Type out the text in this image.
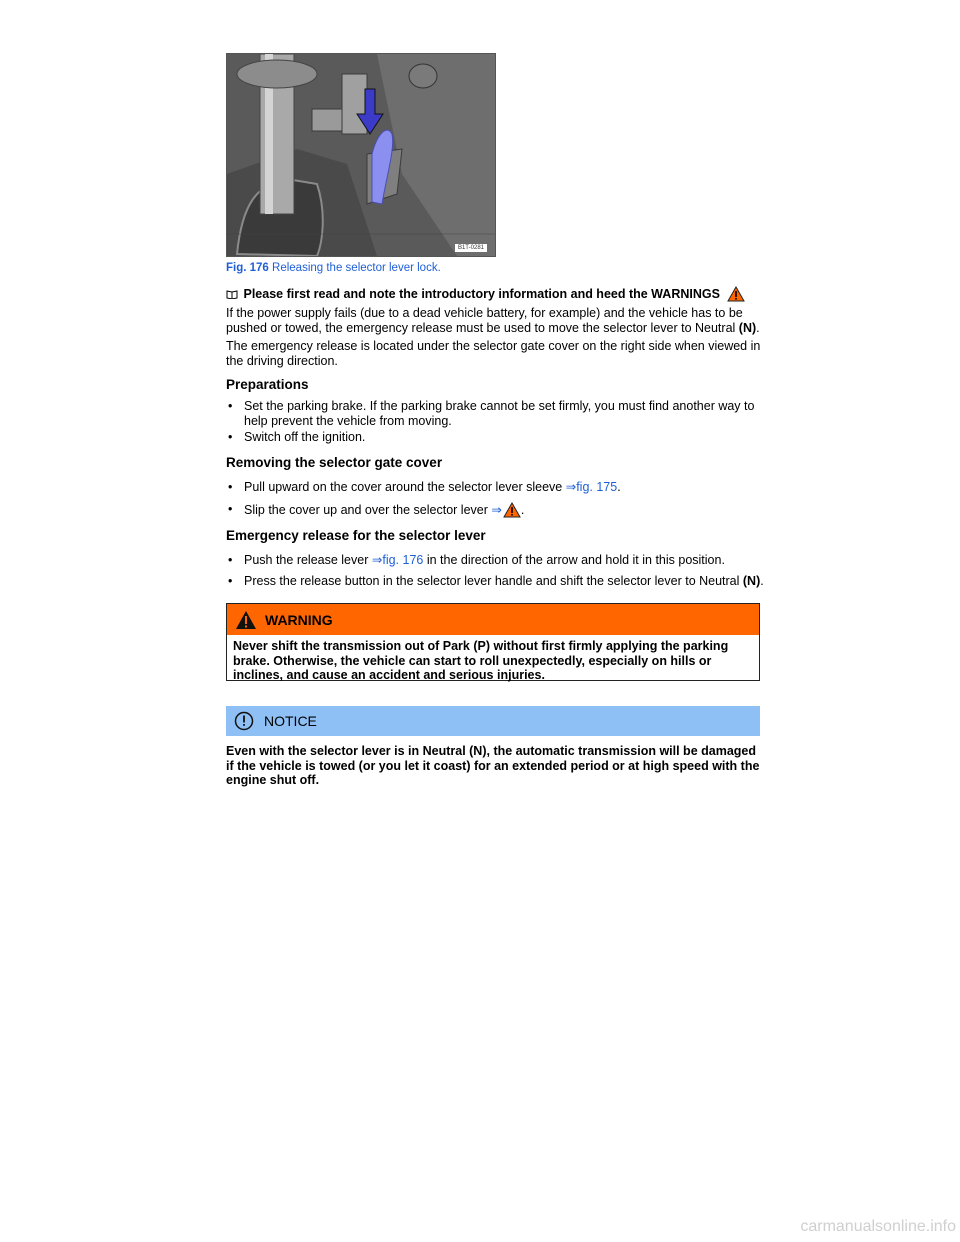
B1T-0281
Fig. 176 Releasing the selector lever lock.
Please first read and note the introductory information and heed the WARNINGS
If the power supply fails (due to a dead vehicle battery, for example) and the vehicle has to be pushed or towed, the emergency release must be used to move the selector lever to Neutral (N).
The emergency release is located under the selector gate cover on the right side when viewed in the driving direction.
Preparations
• Set the parking brake. If the parking brake cannot be set firmly, you must find another way to help prevent the vehicle from moving.
• Switch off the ignition.
Removing the selector gate cover
• Pull upward on the cover around the selector lever sleeve ⇒fig. 175.
• Slip the cover up and over the selector lever ⇒ .
Emergency release for the selector lever
• Push the release lever ⇒fig. 176 in the direction of the arrow and hold it in this position.
• Press the release button in the selector lever handle and shift the selector lever to Neutral (N).
WARNING
Never shift the transmission out of Park (P) without first firmly applying the parking brake. Otherwise, the vehicle can start to roll unexpectedly, especially on hills or inclines, and cause an accident and serious injuries.
NOTICE
Even with the selector lever is in Neutral (N), the automatic transmission will be damaged if the vehicle is towed (or you let it coast) for an extended period or at high speed with the engine shut off.
carmanualsonline.info
